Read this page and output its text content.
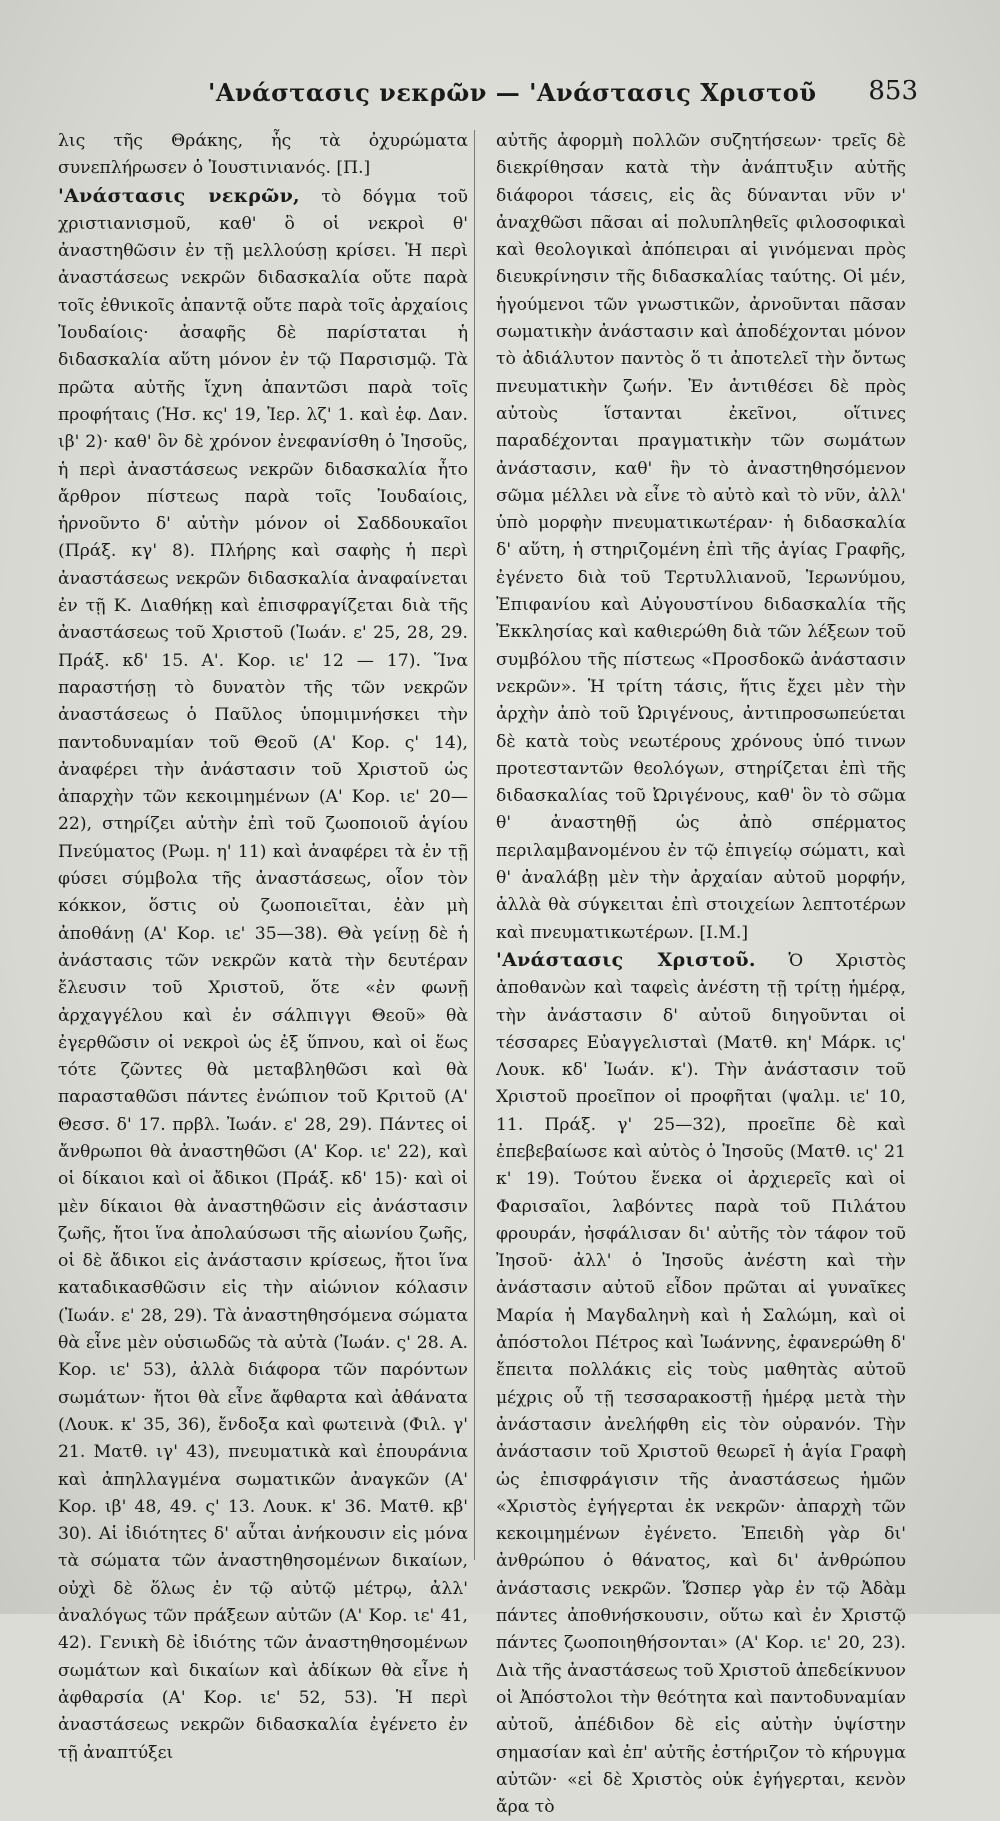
'Ανάστασις νεκρῶν — 'Ανάστασις Χριστοῦ 853

λις τῆς Θράκης, ἧς τὰ ὀχυρώματα συνεπλήρωσεν ὁ Ἰουστινιανός. [Π.]

'Ανάστασις νεκρῶν, τὸ δόγμα τοῦ χριστιανισμοῦ, καθ' ὃ οἱ νεκροὶ θ' ἀναστηθῶσιν ἐν τῇ μελλούσῃ κρίσει. Ἡ περὶ ἀναστάσεως νεκρῶν διδασκαλία οὔτε παρὰ τοῖς ἐθνικοῖς ἀπαντᾷ οὔτε παρὰ τοῖς ἀρχαίοις Ἰουδαίοις· ἀσαφῆς δὲ παρίσταται ἡ διδασκαλία αὕτη μόνον ἐν τῷ Παρσισμῷ. Τὰ πρῶτα αὐτῆς ἴχνη ἀπαντῶσι παρὰ τοῖς προφήταις (Ἡσ. κς' 19, Ἱερ. λζ' 1. καὶ ἑφ. Δαν. ιβ' 2)· καθ' ὃν δὲ χρόνον ἐνεφανίσθη ὁ Ἰησοῦς, ἡ περὶ ἀναστάσεως νεκρῶν διδασκαλία ἦτο ἄρθρον πίστεως παρὰ τοῖς Ἰουδαίοις, ἠρνοῦντο δ' αὐτὴν μόνον οἱ Σαδδουκαῖοι (Πράξ. κγ' 8). Πλήρης καὶ σαφὴς ἡ περὶ ἀναστάσεως νεκρῶν διδασκαλία ἀναφαίνεται ἐν τῇ Κ. Διαθήκῃ καὶ ἐπισφραγίζεται διὰ τῆς ἀναστάσεως τοῦ Χριστοῦ (Ἰωάν. ε' 25, 28, 29. Πράξ. κδ' 15. Α'. Κορ. ιε' 12 — 17). Ἵνα παραστήσῃ τὸ δυνατὸν τῆς τῶν νεκρῶν ἀναστάσεως ὁ Παῦλος ὑπομιμνήσκει τὴν παντοδυναμίαν τοῦ Θεοῦ (Α' Κορ. ς' 14), ἀναφέρει τὴν ἀνάστασιν τοῦ Χριστοῦ ὡς ἀπαρχὴν τῶν κεκοιμημένων (Α' Κορ. ιε' 20—22), στηρίζει αὐτὴν ἐπὶ τοῦ ζωοποιοῦ ἁγίου Πνεύματος (Ρωμ. η' 11) καὶ ἀναφέρει τὰ ἐν τῇ φύσει σύμβολα τῆς ἀναστάσεως, οἷον τὸν κόκκον, ὅστις οὐ ζωοποιεῖται, ἐὰν μὴ ἀποθάνῃ (Α' Κορ. ιε' 35—38). Θὰ γείνῃ δὲ ἡ ἀνάστασις τῶν νεκρῶν κατὰ τὴν δευτέραν ἔλευσιν τοῦ Χριστοῦ, ὅτε «ἐν φωνῇ ἀρχαγγέλου καὶ ἐν σάλπιγγι Θεοῦ» θὰ ἐγερθῶσιν οἱ νεκροὶ ὡς ἐξ ὕπνου, καὶ οἱ ἕως τότε ζῶντες θὰ μεταβληθῶσι καὶ θὰ παρασταθῶσι πάντες ἐνώπιον τοῦ Κριτοῦ (Α' Θεσσ. δ' 17. πρβλ. Ἰωάν. ε' 28, 29). Πάντες οἱ ἄνθρωποι θὰ ἀναστηθῶσι (Α' Κορ. ιε' 22), καὶ οἱ δίκαιοι καὶ οἱ ἄδικοι (Πράξ. κδ' 15)· καὶ οἱ μὲν δίκαιοι θὰ ἀναστηθῶσιν εἰς ἀνάστασιν ζωῆς, ἤτοι ἵνα ἀπολαύσωσι τῆς αἰωνίου ζωῆς, οἱ δὲ ἄδικοι εἰς ἀνάστασιν κρίσεως, ἤτοι ἵνα καταδικασθῶσιν εἰς τὴν αἰώνιον κόλασιν (Ἰωάν. ε' 28, 29). Τὰ ἀναστηθησόμενα σώματα θὰ εἶνε μὲν οὐσιωδῶς τὰ αὐτὰ (Ἰωάν. ς' 28. Α. Κορ. ιε' 53), ἀλλὰ διάφορα τῶν παρόντων σωμάτων· ἤτοι θὰ εἶνε ἄφθαρτα καὶ ἀθάνατα (Λουκ. κ' 35, 36), ἔνδοξα καὶ φωτεινὰ (Φιλ. γ' 21. Ματθ. ιγ' 43), πνευματικὰ καὶ ἐπουράνια καὶ ἀπηλλαγμένα σωματικῶν ἀναγκῶν (Α' Κορ. ιβ' 48, 49. ς' 13. Λουκ. κ' 36. Ματθ. κβ' 30). Αἱ ἰδιότητες δ' αὗται ἀνήκουσιν εἰς μόνα τὰ σώματα τῶν ἀναστηθησομένων δικαίων, οὐχὶ δὲ ὅλως ἐν τῷ αὐτῷ μέτρῳ, ἀλλ' ἀναλόγως τῶν πράξεων αὐτῶν (Α' Κορ. ιε' 41, 42). Γενικὴ δὲ ἰδιότης τῶν ἀναστηθησομένων σωμάτων καὶ δικαίων καὶ ἀδίκων θὰ εἶνε ἡ ἀφθαρσία (Α' Κορ. ιε' 52, 53). Ἡ περὶ ἀναστάσεως νεκρῶν διδασκαλία ἐγένετο ἐν τῇ ἀναπτύξει

αὐτῆς ἀφορμὴ πολλῶν συζητήσεων· τρεῖς δὲ διεκρίθησαν κατὰ τὴν ἀνάπτυξιν αὐτῆς διάφοροι τάσεις, εἰς ἃς δύνανται νῦν ν' ἀναχθῶσι πᾶσαι αἱ πολυπληθεῖς φιλοσοφικαὶ καὶ θεολογικαὶ ἀπόπειραι αἱ γινόμεναι πρὸς διευκρίνησιν τῆς διδασκαλίας ταύτης. Οἱ μέν, ἡγούμενοι τῶν γνωστικῶν, ἀρνοῦνται πᾶσαν σωματικὴν ἀνάστασιν καὶ ἀποδέχονται μόνον τὸ ἀδιάλυτον παντὸς ὅ τι ἀποτελεῖ τὴν ὄντως πνευματικὴν ζωήν. Ἐν ἀντιθέσει δὲ πρὸς αὐτοὺς ἵστανται ἐκεῖνοι, οἵτινες παραδέχονται πραγματικὴν τῶν σωμάτων ἀνάστασιν, καθ' ἣν τὸ ἀναστηθησόμενον σῶμα μέλλει νὰ εἶνε τὸ αὐτὸ καὶ τὸ νῦν, ἀλλ' ὑπὸ μορφὴν πνευματικωτέραν· ἡ διδασκαλία δ' αὕτη, ἡ στηριζομένη ἐπὶ τῆς ἁγίας Γραφῆς, ἐγένετο διὰ τοῦ Τερτυλλιανοῦ, Ἱερωνύμου, Ἐπιφανίου καὶ Αὐγουστίνου διδασκαλία τῆς Ἐκκλησίας καὶ καθιερώθη διὰ τῶν λέξεων τοῦ συμβόλου τῆς πίστεως «Προσδοκῶ ἀνάστασιν νεκρῶν». Ἡ τρίτη τάσις, ἥτις ἔχει μὲν τὴν ἀρχὴν ἀπὸ τοῦ Ὠριγένους, ἀντιπροσωπεύεται δὲ κατὰ τοὺς νεωτέρους χρόνους ὑπό τινων προτεσταντῶν θεολόγων, στηρίζεται ἐπὶ τῆς διδασκαλίας τοῦ Ὠριγένους, καθ' ὃν τὸ σῶμα θ' ἀναστηθῇ ὡς ἀπὸ σπέρματος περιλαμβανομένου ἐν τῷ ἐπιγείῳ σώματι, καὶ θ' ἀναλάβῃ μὲν τὴν ἀρχαίαν αὐτοῦ μορφήν, ἀλλὰ θὰ σύγκειται ἐπὶ στοιχείων λεπτοτέρων καὶ πνευματικωτέρων. [Ι.Μ.]

'Ανάστασις Χριστοῦ. Ὁ Χριστὸς ἀποθανὼν καὶ ταφεὶς ἀνέστη τῇ τρίτῃ ἡμέρᾳ, τὴν ἀνάστασιν δ' αὐτοῦ διηγοῦνται οἱ τέσσαρες Εὐαγγελισταὶ (Ματθ. κη' Μάρκ. ις' Λουκ. κδ' Ἰωάν. κ'). Τὴν ἀνάστασιν τοῦ Χριστοῦ προεῖπον οἱ προφῆται (ψαλμ. ιε' 10, 11. Πράξ. γ' 25—32), προεῖπε δὲ καὶ ἐπεβεβαίωσε καὶ αὐτὸς ὁ Ἰησοῦς (Ματθ. ις' 21 κ' 19). Τούτου ἕνεκα οἱ ἀρχιερεῖς καὶ οἱ Φαρισαῖοι, λαβόντες παρὰ τοῦ Πιλάτου φρουράν, ἠσφάλισαν δι' αὐτῆς τὸν τάφον τοῦ Ἰησοῦ· ἀλλ' ὁ Ἰησοῦς ἀνέστη καὶ τὴν ἀνάστασιν αὐτοῦ εἶδον πρῶται αἱ γυναῖκες Μαρία ἡ Μαγδαληνὴ καὶ ἡ Σαλώμη, καὶ οἱ ἀπόστολοι Πέτρος καὶ Ἰωάννης, ἐφανερώθη δ' ἔπειτα πολλάκις εἰς τοὺς μαθητὰς αὐτοῦ μέχρις οὗ τῇ τεσσαρακοστῇ ἡμέρᾳ μετὰ τὴν ἀνάστασιν ἀνελήφθη εἰς τὸν οὐρανόν. Τὴν ἀνάστασιν τοῦ Χριστοῦ θεωρεῖ ἡ ἁγία Γραφὴ ὡς ἐπισφράγισιν τῆς ἀναστάσεως ἡμῶν «Χριστὸς ἐγήγερται ἐκ νεκρῶν· ἀπαρχὴ τῶν κεκοιμημένων ἐγένετο. Ἐπειδὴ γὰρ δι' ἀνθρώπου ὁ θάνατος, καὶ δι' ἀνθρώπου ἀνάστασις νεκρῶν. Ὥσπερ γὰρ ἐν τῷ Ἀδὰμ πάντες ἀποθνήσκουσιν, οὕτω καὶ ἐν Χριστῷ πάντες ζωοποιηθήσονται» (Α' Κορ. ιε' 20, 23). Διὰ τῆς ἀναστάσεως τοῦ Χριστοῦ ἀπεδείκνυον οἱ Ἀπόστολοι τὴν θεότητα καὶ παντοδυναμίαν αὐτοῦ, ἀπέδιδον δὲ εἰς αὐτὴν ὑψίστην σημασίαν καὶ ἐπ' αὐτῆς ἐστήριζον τὸ κήρυγμα αὐτῶν· «εἰ δὲ Χριστὸς οὐκ ἐγήγερται, κενὸν ἄρα τὸ
